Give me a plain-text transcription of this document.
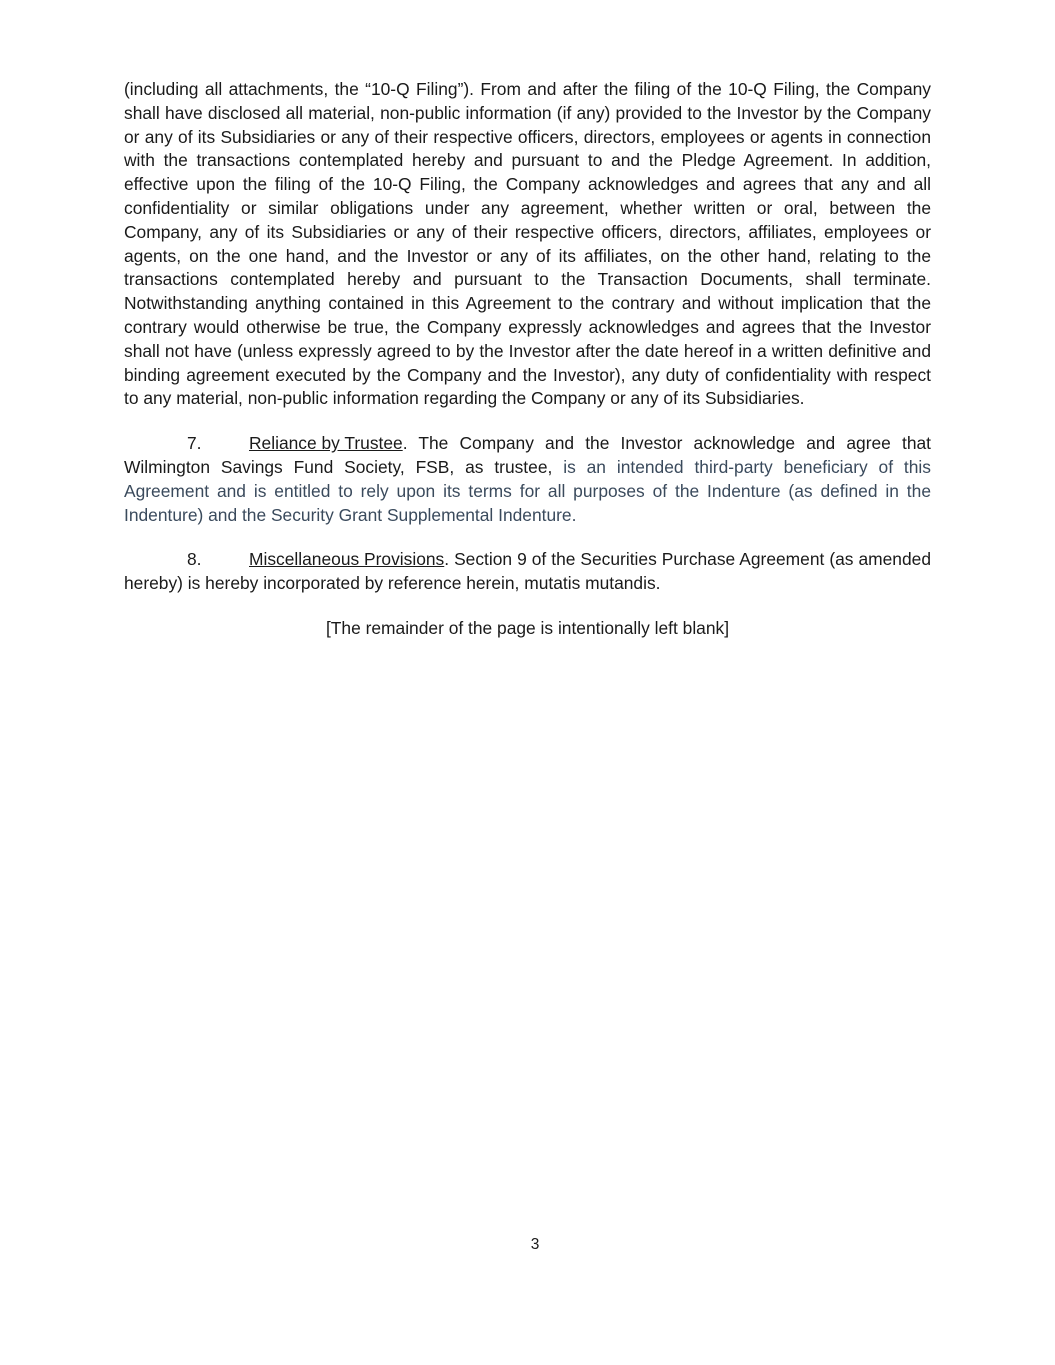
(including all attachments, the “10-Q Filing”). From and after the filing of the 10-Q Filing, the Company shall have disclosed all material, non-public information (if any) provided to the Investor by the Company or any of its Subsidiaries or any of their respective officers, directors, employees or agents in connection with the transactions contemplated hereby and pursuant to and the Pledge Agreement. In addition, effective upon the filing of the 10-Q Filing, the Company acknowledges and agrees that any and all confidentiality or similar obligations under any agreement, whether written or oral, between the Company, any of its Subsidiaries or any of their respective officers, directors, affiliates, employees or agents, on the one hand, and the Investor or any of its affiliates, on the other hand, relating to the transactions contemplated hereby and pursuant to the Transaction Documents, shall terminate. Notwithstanding anything contained in this Agreement to the contrary and without implication that the contrary would otherwise be true, the Company expressly acknowledges and agrees that the Investor shall not have (unless expressly agreed to by the Investor after the date hereof in a written definitive and binding agreement executed by the Company and the Investor), any duty of confidentiality with respect to any material, non-public information regarding the Company or any of its Subsidiaries.

7.	Reliance by Trustee. The Company and the Investor acknowledge and agree that Wilmington Savings Fund Society, FSB, as trustee, is an intended third-party beneficiary of this Agreement and is entitled to rely upon its terms for all purposes of the Indenture (as defined in the Indenture) and the Security Grant Supplemental Indenture.

8.	Miscellaneous Provisions. Section 9 of the Securities Purchase Agreement (as amended hereby) is hereby incorporated by reference herein, mutatis mutandis.

[The remainder of the page is intentionally left blank]

3
